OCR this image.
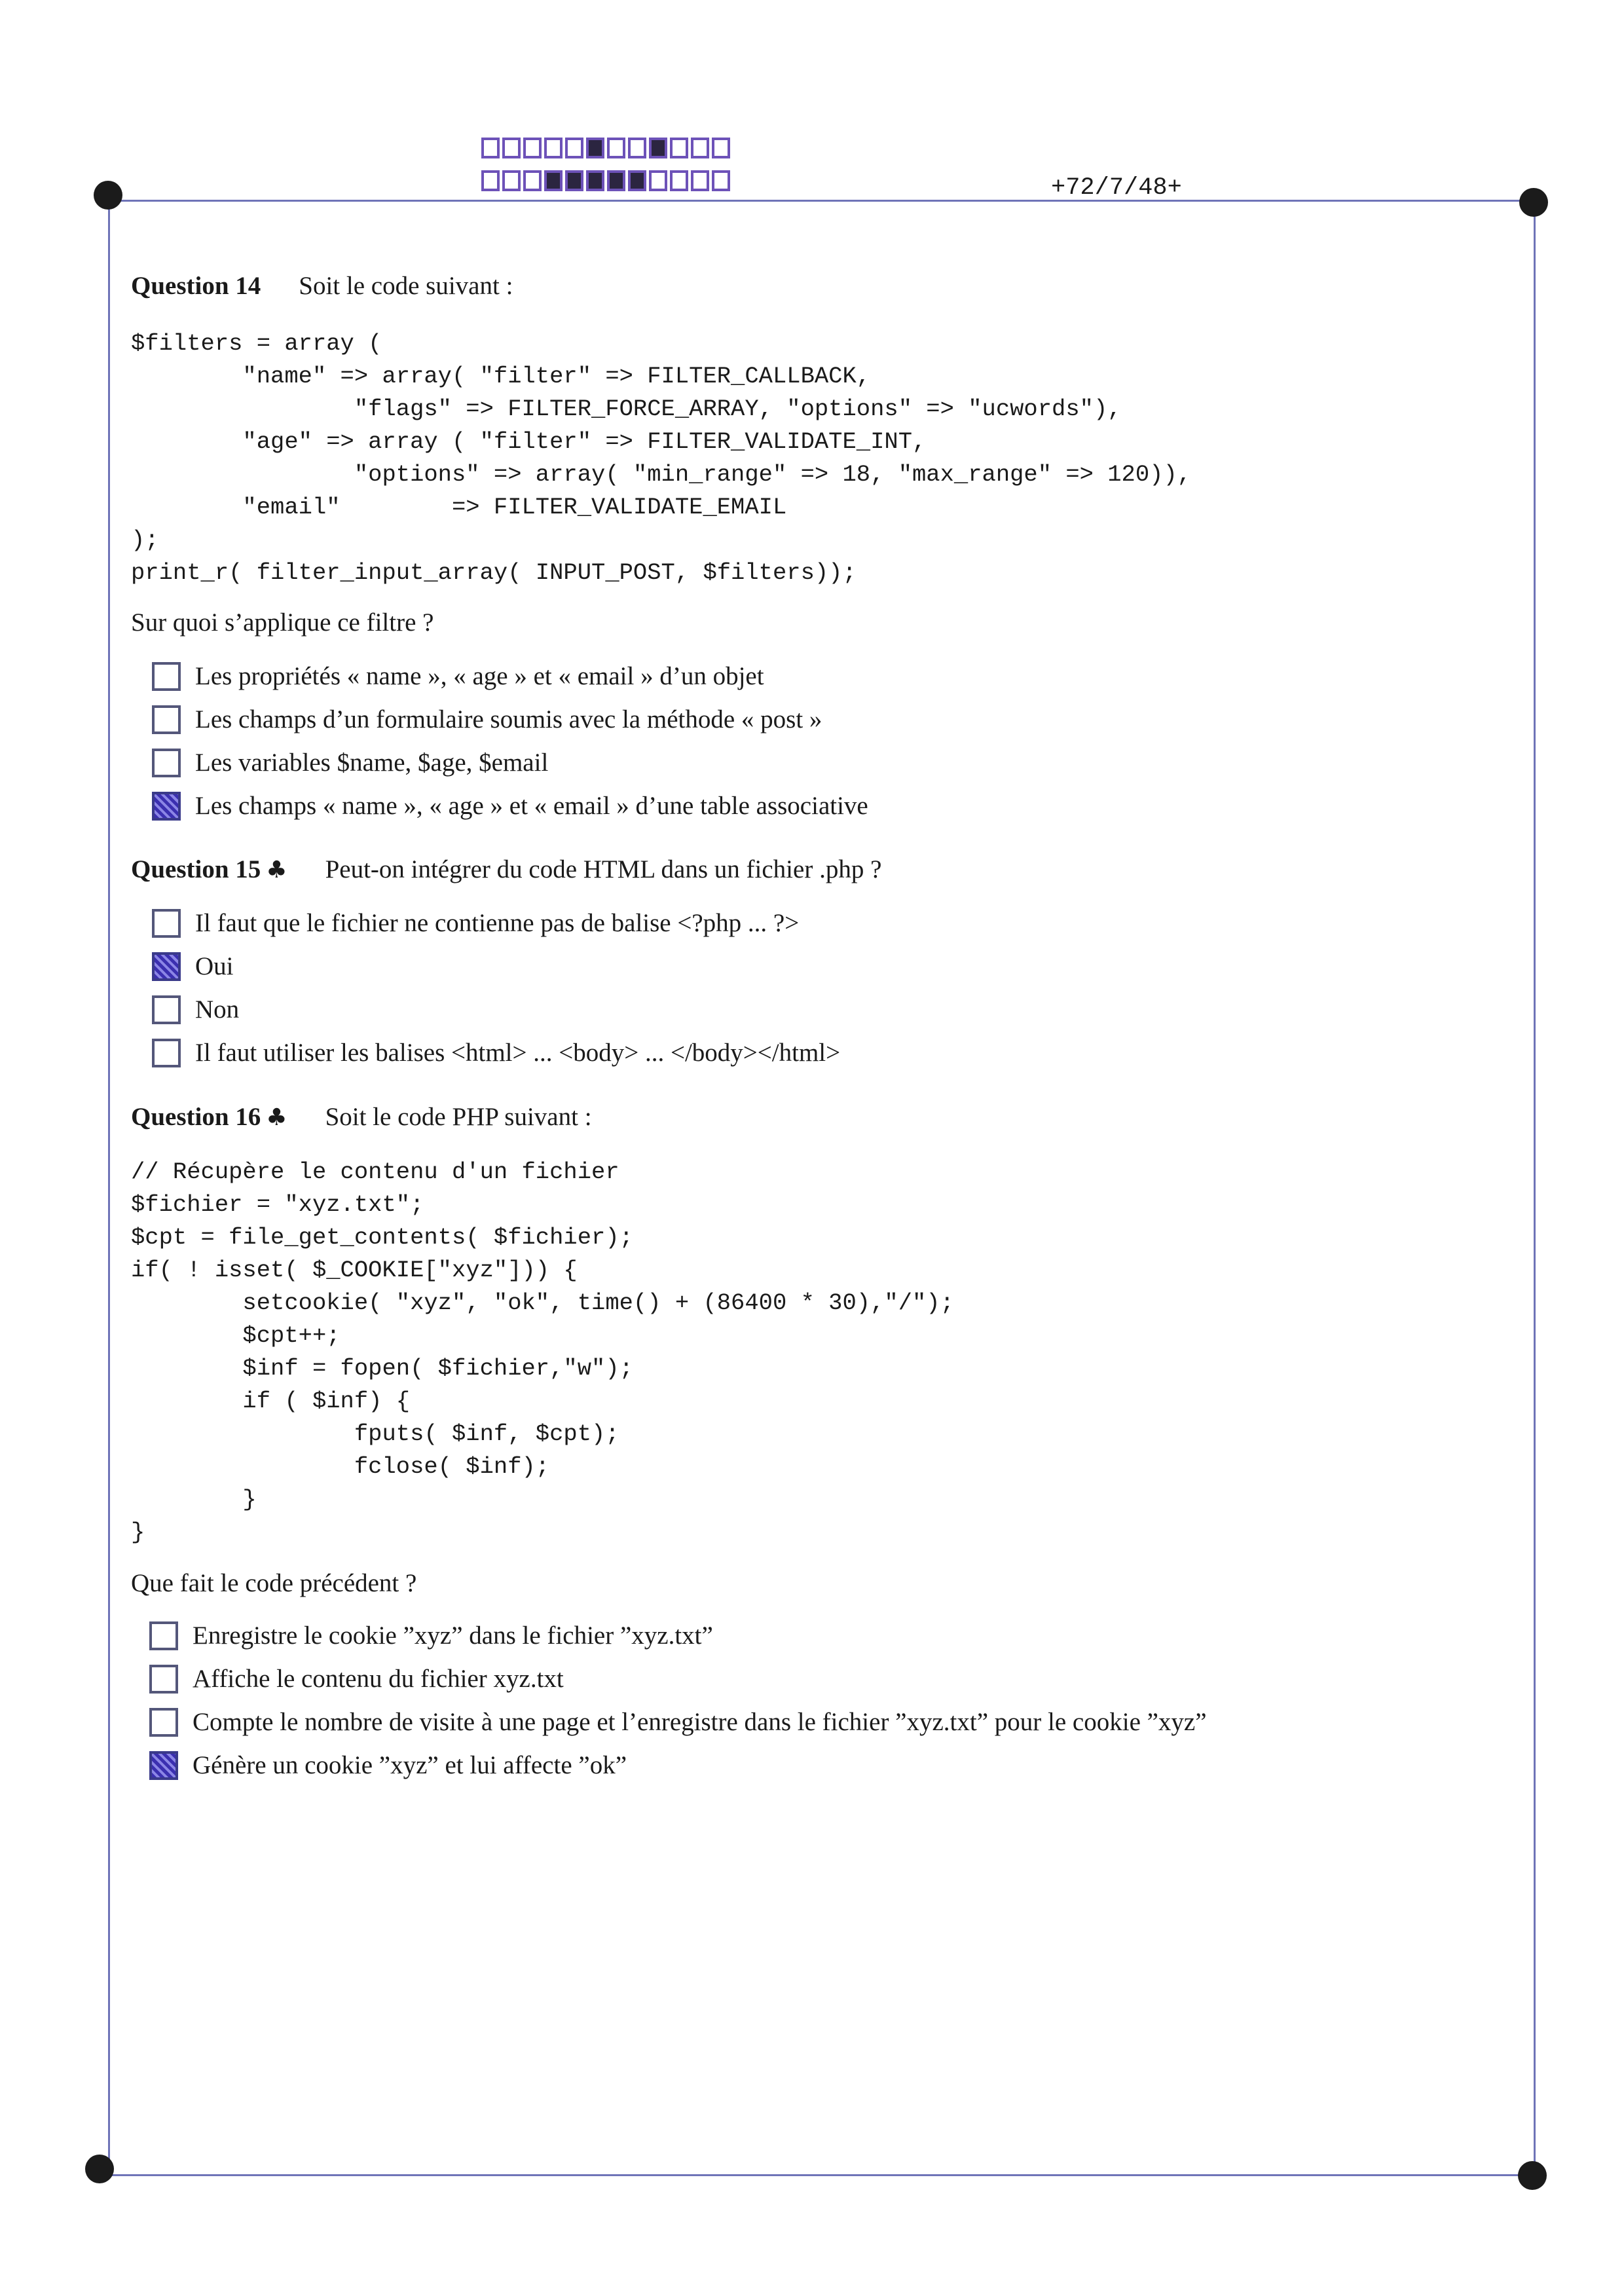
+72/7/48+
Question 14 Soit le code suivant :
$filters = array (
"name" => array( "filter" => FILTER_CALLBACK,
"flags" => FILTER_FORCE_ARRAY, "options" => "ucwords"),
"age" => array ( "filter" => FILTER_VALIDATE_INT,
"options" => array( "min_range" => 18, "max_range" => 120)),
"email"        => FILTER_VALIDATE_EMAIL
);
print_r( filter_input_array( INPUT_POST, $filters));
Sur quoi s’applique ce filtre ?
Les propriétés « name », « age » et « email » d’un objet
Les champs d’un formulaire soumis avec la méthode « post »
Les variables $name, $age, $email
Les champs « name », « age » et « email » d’une table associative
Question 15 ♣ Peut-on intégrer du code HTML dans un fichier .php ?
Il faut que le fichier ne contienne pas de balise <?php ... ?>
Oui
Non
Il faut utiliser les balises <html> ... <body> ... </body></html>
Question 16 ♣ Soit le code PHP suivant :
// Récupère le contenu d'un fichier
$fichier = "xyz.txt";
$cpt = file_get_contents( $fichier);
if( ! isset( $_COOKIE["xyz"])) {
setcookie( "xyz", "ok", time() + (86400 * 30),"/");
$cpt++;
$inf = fopen( $fichier,"w");
if ( $inf) {
fputs( $inf, $cpt);
fclose( $inf);
}
}
Que fait le code précédent ?
Enregistre le cookie ”xyz” dans le fichier ”xyz.txt”
Affiche le contenu du fichier xyz.txt
Compte le nombre de visite à une page et l’enregistre dans le fichier ”xyz.txt” pour le cookie ”xyz”
Génère un cookie ”xyz” et lui affecte ”ok”
